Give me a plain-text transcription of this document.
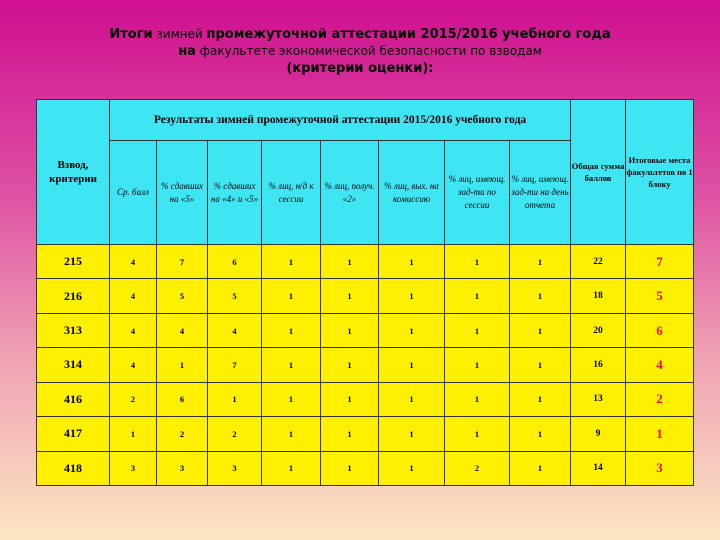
Итоги зимней промежуточной аттестации 2015/2016 учебного года
на факультете экономической безопасности по взводам
(критерии оценки):
Взвод, критерии	Результаты зимней промежуточной аттестации 2015/2016 учебного года								Общая сумма баллов	Итоговые места факультетов по 1 блоку
	Ср. балл	% сдавших на «5»	% сдавших на «4» и «5»	% лиц, н/д к сессии	% лиц, получ. «2»	% лиц, вых. на комиссию	% лиц, имеющ. зад-ти по сессии	% лиц, имеющ. зад-ти на день отчета		
215	4	7	6	1	1	1	1	1	22	7
216	4	5	5	1	1	1	1	1	18	5
313	4	4	4	1	1	1	1	1	20	6
314	4	1	7	1	1	1	1	1	16	4
416	2	6	1	1	1	1	1	1	13	2
417	1	2	2	1	1	1	1	1	9	1
418	3	3	3	1	1	1	2	1	14	3
